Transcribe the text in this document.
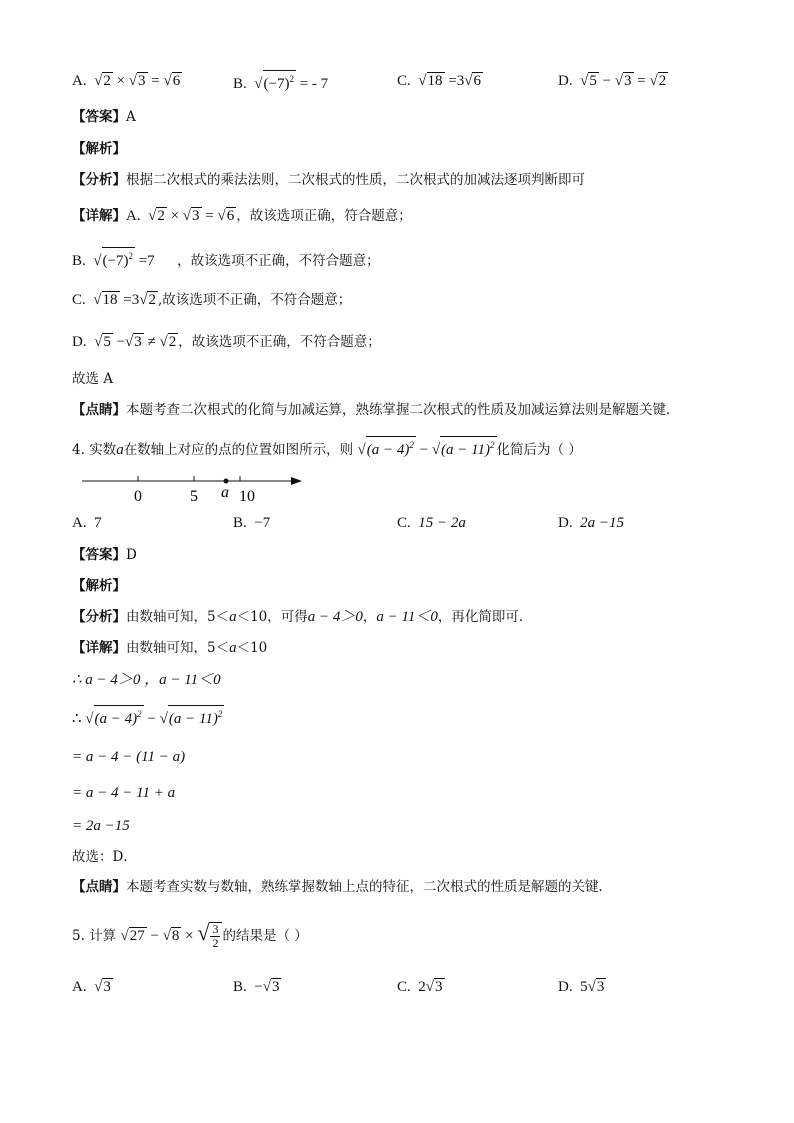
A. √2 × √3 = √6	B. $√(-7)^2$ = - 7	C. √18 =3√6	D. √5 − √3 = √2
【答案】A
【解析】
【分析】根据二次根式的乘法法则，二次根式的性质，二次根式的加减法逐项判断即可
【详解】A. √2 × √3 = √6 ，故该选项正确，符合题意；
B. $√(-7)^2 =7$ ，故该选项不正确，不符合题意；
C. √18 =3√2 ,故该选项不正确，不符合题意；
D. √5 −√3 ≠ √2 ，故该选项不正确，不符合题意；
故选 A
【点睛】本题考查二次根式的化简与加减运算，熟练掌握二次根式的性质及加减运算法则是解题关键．
4. 实数a在数轴上对应的点的位置如图所示，则 $√(a - 4)^2 - √(a - 11)^2$ 化简后为（ ）
0	5 a 10
A. 7	B. −7	C. 15 − 2a	D. 2a −15
【答案】D
【解析】
【分析】由数轴可知，5＜a＜10，可得a − 4＞0，a − 11＜0，再化简即可．
【详解】由数轴可知，5＜a＜10
∴ a − 4＞0 ，a − 11＜0
∴ $√(a - 4)^2 - √(a - 11)^2$
= a − 4 − (11 − a)
= a − 4 − 11 + a
= 2a −15
故选：D．
【点睛】本题考查实数与数轴，熟练掌握数轴上点的特征，二次根式的性质是解题的关键．
5. 计算 √27 − √8 × √ $\frac{3}{2}$ 的结果是（ ）
A. √3	B. −√3	C. 2√3	D. 5√3
